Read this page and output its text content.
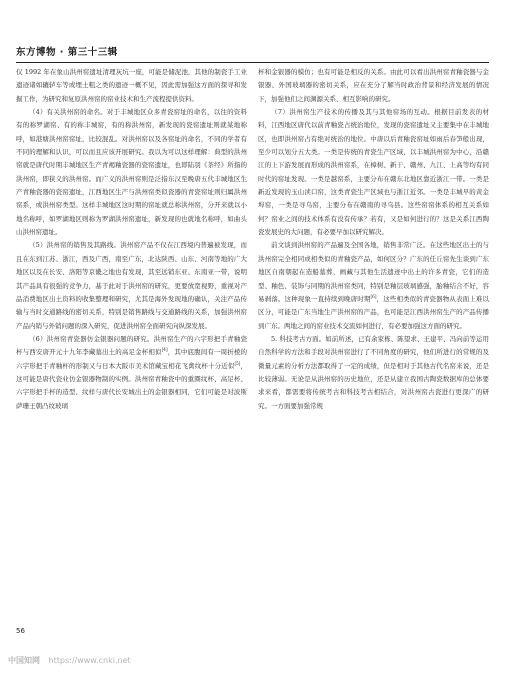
东方博物 · 第三十三辑

仅 1992 年在象山洪州窑遗址清理灰坑一座，可能是储泥池，其他的制瓷手工业遗迹诸如辘轳车等或埋土粗之类的遗迹一概不见，因此需加强这方面的探寻和发掘工作，为研究和复原洪州窑的窑业技术和生产流程提供资料。

（4）有关洪州窑的命名。对于丰城地区众多青瓷窑址的命名，以往的资料有的称罗湖窑、有的称丰城窑，有的称洪州窑，新发现的瓷窑遗址则就某地称呼，如港塘洪州窑窑址，比较混乱。对洪州窑以及各窑址的命名，不同的学者有不同的理解和认识，可以而且应该开展研究。我以为可以这样理解：典型的洪州窑就是唐代时期丰城地区生产青褐釉瓷器的瓷窑遗址，也即陆羽《茶经》所指的洪州窑，即狭义的洪州窑。而广义的洪州窑则是泛指东汉至晚唐五代丰城地区生产青釉瓷器的瓷窑遗址，江西地区生产与洪州窑类似瓷器的青瓷窑址则归属洪州窑系，或洪州窑类型。这样丰城地区这时期的窑址就总称洪州窑，分开来就以小地名称呼，如罗湖地区则称为罗湖洪州窑遗址，新发现的也就地名称呼，如曲头山洪州窑遗址。

（5）洪州窑的销售及其路线。洪州窑产品不仅在江西境内普遍被发现，而且在东到江苏、浙江，西及广西，南至广东，北达陕西、山东、河南等地的广大地区以及在长安、洛阳等京畿之地也有发现，其至远销东亚、东南亚一带，说明其产品具有很强的竞争力，基于此对于洪州窑的研究，更要放宽视野，重视对产品消费地区出土资料的收集整理和研究，尤其是海外发现地的确认，关注产品传输与当时交通路线的密切关系，特别是销售路线与交通路线的关系，加强洪州窑产品内销与外销问题的深入研究，促进洪州窑全面研究向纵深发展。

（6）洪州窑青瓷器仿金银器问题的研究。洪州窑生产的六字形把手青釉瓷杯与西安唐开元十九年李藏墓出土的高足金杯相似[4]，其中底腹间有一周折棱的六字形把手青釉杯的形制又与日本大阪市美术馆藏宝相花飞禽纹杯十分近似[5]，这可能是唐代瓷业仿金银器物制的实例。洪州窑青釉瓷中的重圈纹杯、高足杯、六字形把手杯的造型、纹样与唐代长安城出土的金银器相同，它们可能是对波斯萨珊王朝凸纹玻璃

杯和金银器的模仿；也有可能是相反的关系。由此可以看出洪州窑青釉瓷器与金银器、外国玻璃器的密切关系，应在充分了解当时政治背景和经济发展的情况下，加强他们之间渊源关系、相互影响的研究。

（7）洪州窑生产技术的传播及其与其他窑场的互动。根据目前发表的材料，江西地区唐代以前青釉瓷占统治地位，发现的瓷窑遗址又主要集中在丰城地区，也即洪州窑占有绝对统治的地位。中唐以后青釉瓷窑址如雨后春笋般出现，至少可以划分五大类。一类是传统的青瓷生产区域，以丰城洪州窑为中心，沿赣江的上下游发展而形成的洪州窑系，在樟树、新干、赣州、九江、上高等均有同时代的窑址发现。一类是越窑系，主要分布在赣东北地区靠近浙江一带。一类是新近发现的玉山渎口窑，这类青瓷生产区域也与浙江近邻。一类是丰城早的黄金埠窑，一类是寻乌窑，主要分布在赣南的寻乌县。这些窑窑体系的相互关系如何？窑业之间的技术体系有没有传承？若有，又是如何进行的？这是关系江西陶瓷发展史的大问题，有必要早加以研究解决。

前文谈到洪州窑的产品遍及全国各地，销售非常广泛。在这些地区出土的与洪州窑完全相同或相类似的青釉瓷产品，如何区分？广东的任丘窑先生谈到广东地区自南朝起在造船墓葬、画藏与其他生活遗迹中出土的许多青瓷，它们的造型、釉色、装饰与同期的洪州窑类同，特别是釉层玻璃感强，胎釉结合不好，容易剥落。这种现象一直持续到晚唐时期[6]，这些相类似的青瓷器物从表面上难以区分，可能是广东当地生产洪州窑的产品，也可能是江西洪州窑生产的产品传播到广东。两地之间的窑业技术交流如何进行，有必要加强这方面的研究。

5. 科技考古方面。如前所述，已有余家栋、陈望求、王建平、冯向前等运用自然科学的方法和手段对洪州窑进行了不同角度的研究，他们所进行的常规的及微量元素的分析方法都取得了一定的成绩，但是相对于其他古代名窑来说，还是比较薄弱。无论是从洪州窑的历史地位，还是从建立我国古陶瓷数据库的总体要求来看，都需要将传统考古和科技考古相结合，对洪州窑古瓷进行更深广的研究。一方面要加强常规

56
中国知网 https://www.cnki.net
